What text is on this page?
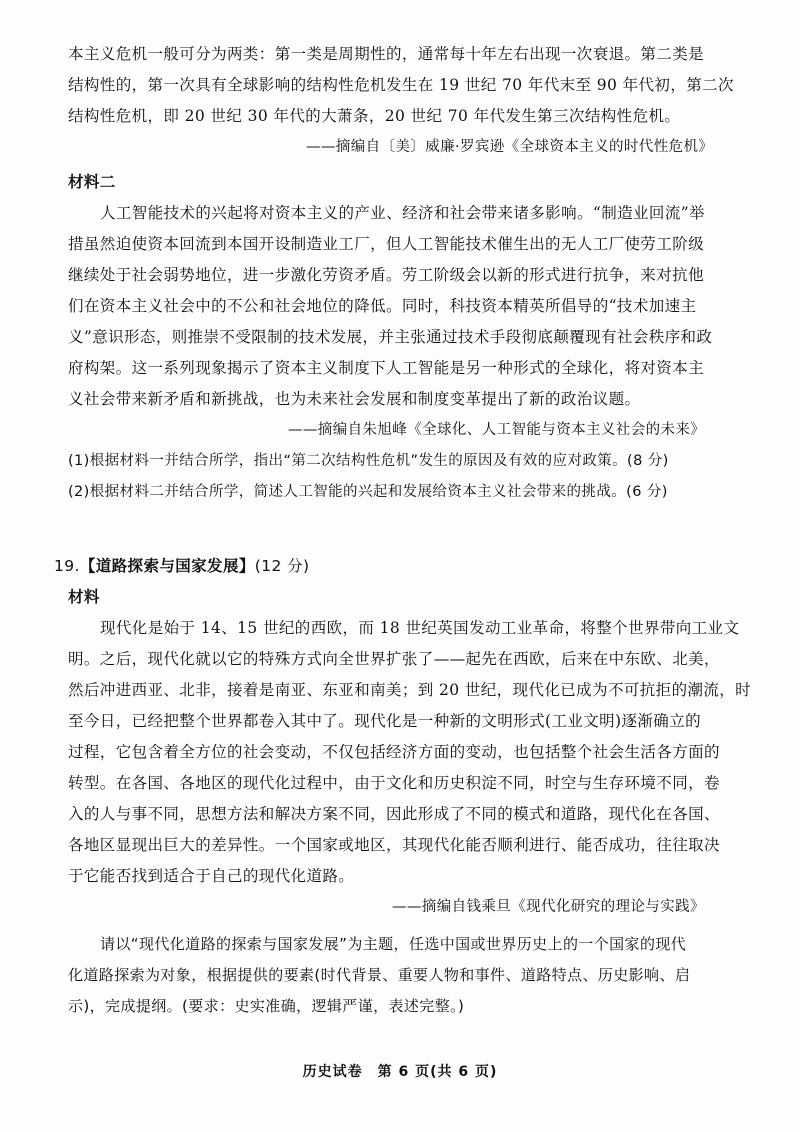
本主义危机一般可分为两类：第一类是周期性的，通常每十年左右出现一次衰退。第二类是
结构性的，第一次具有全球影响的结构性危机发生在 19 世纪 70 年代末至 90 年代初，第二次
结构性危机，即 20 世纪 30 年代的大萧条，20 世纪 70 年代发生第三次结构性危机。
——摘编自〔美〕威廉·罗宾逊《全球资本主义的时代性危机》
材料二
人工智能技术的兴起将对资本主义的产业、经济和社会带来诸多影响。“制造业回流”举
措虽然迫使资本回流到本国开设制造业工厂，但人工智能技术催生出的无人工厂使劳工阶级
继续处于社会弱势地位，进一步激化劳资矛盾。劳工阶级会以新的形式进行抗争，来对抗他
们在资本主义社会中的不公和社会地位的降低。同时，科技资本精英所倡导的“技术加速主
义”意识形态，则推崇不受限制的技术发展，并主张通过技术手段彻底颠覆现有社会秩序和政
府构架。这一系列现象揭示了资本主义制度下人工智能是另一种形式的全球化，将对资本主
义社会带来新矛盾和新挑战，也为未来社会发展和制度变革提出了新的政治议题。
——摘编自朱旭峰《全球化、人工智能与资本主义社会的未来》
(1)根据材料一并结合所学，指出“第二次结构性危机”发生的原因及有效的应对政策。(8 分)
(2)根据材料二并结合所学，简述人工智能的兴起和发展给资本主义社会带来的挑战。(6 分)
19.【道路探索与国家发展】(12 分)
材料
现代化是始于 14、15 世纪的西欧，而 18 世纪英国发动工业革命，将整个世界带向工业文
明。之后，现代化就以它的特殊方式向全世界扩张了——起先在西欧，后来在中东欧、北美，
然后冲进西亚、北非，接着是南亚、东亚和南美；到 20 世纪，现代化已成为不可抗拒的潮流，时
至今日，已经把整个世界都卷入其中了。现代化是一种新的文明形式(工业文明)逐渐确立的
过程，它包含着全方位的社会变动，不仅包括经济方面的变动，也包括整个社会生活各方面的
转型。在各国、各地区的现代化过程中，由于文化和历史积淀不同，时空与生存环境不同，卷
入的人与事不同，思想方法和解决方案不同，因此形成了不同的模式和道路，现代化在各国、
各地区显现出巨大的差异性。一个国家或地区，其现代化能否顺利进行、能否成功，往往取决
于它能否找到适合于自己的现代化道路。
——摘编自钱乘旦《现代化研究的理论与实践》
请以“现代化道路的探索与国家发展”为主题，任选中国或世界历史上的一个国家的现代
化道路探索为对象，根据提供的要素(时代背景、重要人物和事件、道路特点、历史影响、启
示)，完成提纲。(要求：史实准确，逻辑严谨，表述完整。)
历史试卷　第 6 页(共 6 页)
